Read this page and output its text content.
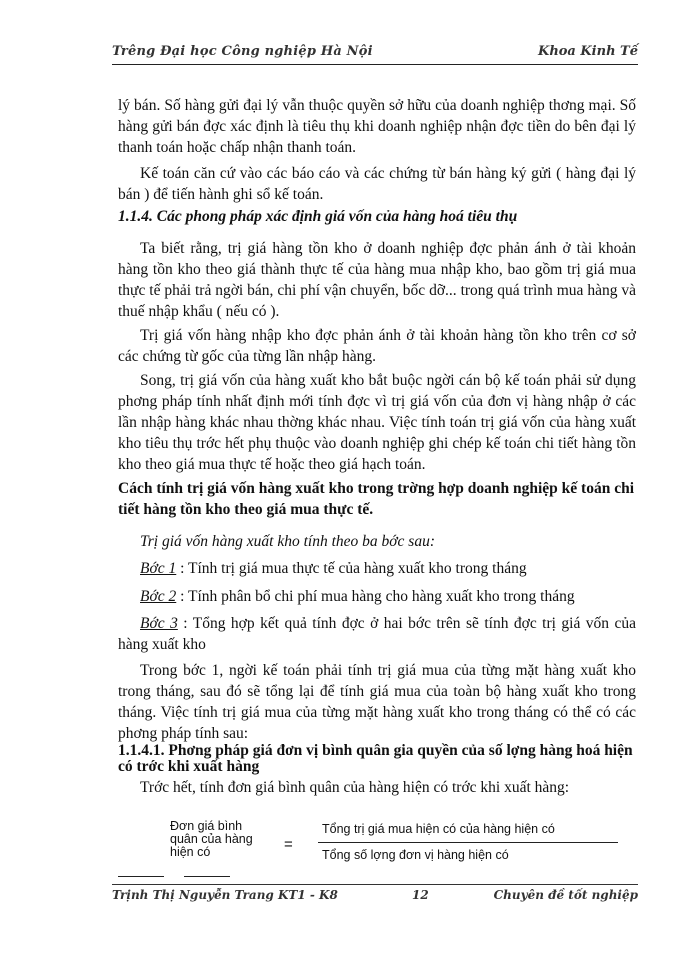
Trêng Đại học Công nghiệp Hà Nội	Khoa Kinh Tế
lý bán. Số hàng gửi đại lý vẫn thuộc quyền sở hữu của doanh nghiệp thơng mại. Số hàng gửi bán đợc xác định là tiêu thụ khi doanh nghiệp nhận đợc tiền do bên đại lý thanh toán hoặc chấp nhận thanh toán.
Kế toán căn cứ vào các báo cáo và các chứng từ bán hàng ký gửi ( hàng đại lý bán ) để tiến hành ghi sổ kế toán.
1.1.4. Các phong pháp xác định giá vốn của hàng hoá tiêu thụ
Ta biết rằng, trị giá hàng tồn kho ở doanh nghiệp đợc phản ánh ở tài khoản hàng tồn kho theo giá thành thực tế của hàng mua nhập kho, bao gồm trị giá mua thực tế phải trả ngời bán, chi phí vận chuyển, bốc dỡ... trong quá trình mua hàng và thuế nhập khẩu ( nếu có ).
Trị giá vốn hàng nhập kho đợc phản ánh ở tài khoản hàng tồn kho trên cơ sở các chứng từ gốc của từng lần nhập hàng.
Song, trị giá vốn của hàng xuất kho bắt buộc ngời cán bộ kế toán phải sử dụng phơng pháp tính nhất định mới tính đợc vì trị giá vốn của đơn vị hàng nhập ở các lần nhập hàng khác nhau thờng khác nhau. Việc tính toán trị giá vốn của hàng xuất kho tiêu thụ trớc hết phụ thuộc vào doanh nghiệp ghi chép kế toán chi tiết hàng tồn kho theo giá mua thực tế hoặc theo giá hạch toán.
Cách tính trị giá vốn hàng xuất kho trong trờng hợp doanh nghiệp kế toán chi tiết hàng tồn kho theo giá mua thực tế.
Trị giá vốn hàng xuất kho tính theo ba bớc sau:
Bớc 1 : Tính trị giá mua thực tế của hàng xuất kho trong tháng
Bớc 2 : Tính phân bổ chi phí mua hàng cho hàng xuất kho trong tháng
Bớc 3 : Tổng hợp kết quả tính đợc ở hai bớc trên sẽ tính đợc trị giá vốn của hàng xuất kho
Trong bớc 1, ngời kế toán phải tính trị giá mua của từng mặt hàng xuất kho trong tháng, sau đó sẽ tổng lại để tính giá mua của toàn bộ hàng xuất kho trong tháng. Việc tính trị giá mua của từng mặt hàng xuất kho trong tháng có thể có các phơng pháp tính sau:
1.1.4.1. Phơng pháp giá đơn vị bình quân gia quyền của số lợng hàng hoá hiện có trớc khi xuất hàng
Trớc hết, tính đơn giá bình quân của hàng hiện có trớc khi xuất hàng:
Đơn giá bình quân của hàng hiện có	=
Tổng trị giá mua hiện có của hàng hiện có
Tổng số lợng đơn vị hàng hiện có
Trịnh Thị Nguyễn Trang KT1 - K8	12	Chuyên đề tốt nghiệp
